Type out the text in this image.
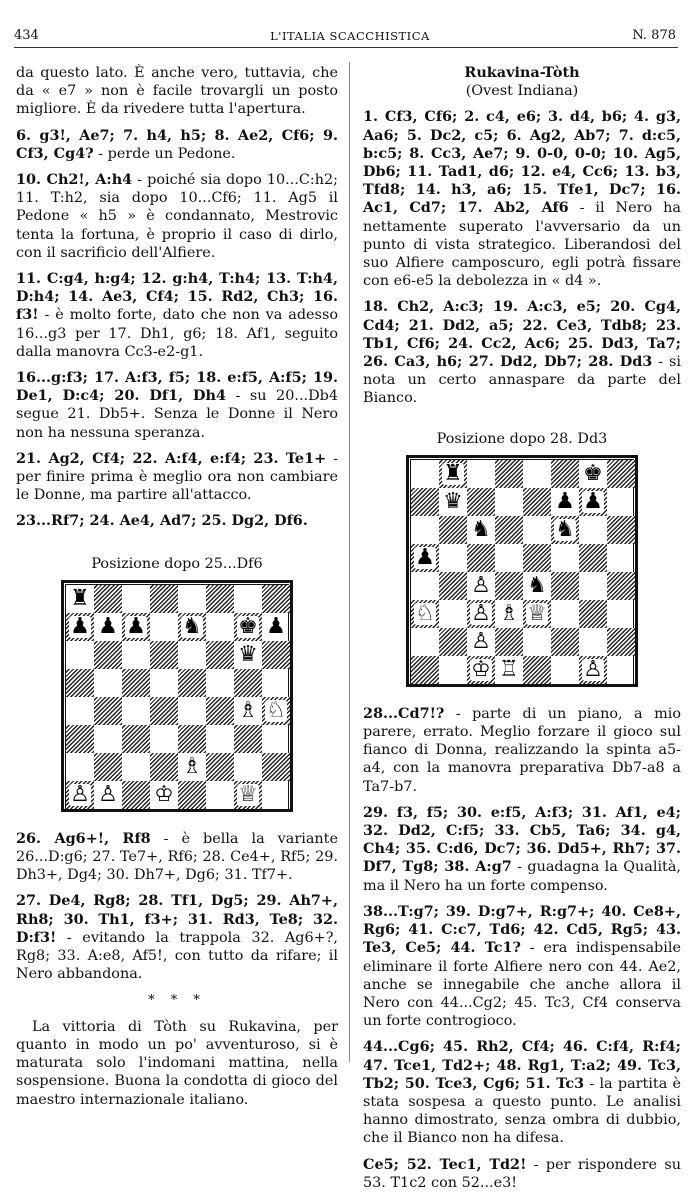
434	L'ITALIA SCACCHISTICA	N. 878

da questo lato. È anche vero, tuttavia, che da « e7 » non è facile trovargli un posto migliore. È da rivedere tutta l'apertura.

6. g3!, Ae7; 7. h4, h5; 8. Ae2, Cf6; 9. Cf3, Cg4? - perde un Pedone.

10. Ch2!, A:h4 - poiché sia dopo 10...C:h2; 11. T:h2, sia dopo 10...Cf6; 11. Ag5 il Pedone « h5 » è condannato, Mestrovic tenta la fortuna, è proprio il caso di dirlo, con il sacrificio dell'Alfiere.

11. C:g4, h:g4; 12. g:h4, T:h4; 13. T:h4, D:h4; 14. Ae3, Cf4; 15. Rd2, Ch3; 16. f3! - è molto forte, dato che non va adesso 16...g3 per 17. Dh1, g6; 18. Af1, seguito dalla manovra Cc3-e2-g1.

16...g:f3; 17. A:f3, f5; 18. e:f5, A:f5; 19. De1, D:c4; 20. Df1, Dh4 - su 20...Db4 segue 21. Db5+. Senza le Donne il Nero non ha nessuna speranza.

21. Ag2, Cf4; 22. A:f4, e:f4; 23. Te1+ - per finire prima è meglio ora non cambiare le Donne, ma partire all'attacco.

23...Rf7; 24. Ae4, Ad7; 25. Dg2, Df6.

Posizione dopo 25...Df6

♜
♟ ♟ ♟ ♞ ♚ ♟
♛
♗ ♘
♗
♙ ♙ ♔	♕

26. Ag6+!, Rf8 - è bella la variante 26...D:g6; 27. Te7+, Rf6; 28. Ce4+, Rf5; 29. Dh3+, Dg4; 30. Dh7+, Dg6; 31. Tf7+.

27. De4, Rg8; 28. Tf1, Dg5; 29. Ah7+, Rh8; 30. Th1, f3+; 31. Rd3, Te8; 32. D:f3! - evitando la trappola 32. Ag6+?, Rg8; 33. A:e8, Af5!, con tutto da rifare; il Nero abbandona.

* * *

La vittoria di Tòth su Rukavina, per quanto in modo un po' avventuroso, si è maturata solo l'indomani mattina, nella sospensione. Buona la condotta di gioco del maestro internazionale italiano.

Rukavina-Tòth

(Ovest Indiana)

1. Cf3, Cf6; 2. c4, e6; 3. d4, b6; 4. g3, Aa6; 5. Dc2, c5; 6. Ag2, Ab7; 7. d:c5, b:c5; 8. Cc3, Ae7; 9. 0-0, 0-0; 10. Ag5, Db6; 11. Tad1, d6; 12. e4, Cc6; 13. b3, Tfd8; 14. h3, a6; 15. Tfe1, Dc7; 16. Ac1, Cd7; 17. Ab2, Af6 - il Nero ha nettamente superato l'avversario da un punto di vista strategico. Liberandosi del suo Alfiere camposcuro, egli potrà fissare con e6-e5 la debolezza in « d4 ».

18. Ch2, A:c3; 19. A:c3, e5; 20. Cg4, Cd4; 21. Dd2, a5; 22. Ce3, Tdb8; 23. Tb1, Cf6; 24. Cc2, Ac6; 25. Dd3, Ta7; 26. Ca3, h6; 27. Dd2, Db7; 28. Dd3 - si nota un certo annaspare da parte del Bianco.

Posizione dopo 28. Dd3

♜	♚
♛	♟ ♟
♞	♞
♟
♙ ♞
♘ ♙ ♗ ♕
♙
♔ ♖	♙

28...Cd7!? - parte di un piano, a mio parere, errato. Meglio forzare il gioco sul fianco di Donna, realizzando la spinta a5-a4, con la manovra preparativa Db7-a8 a Ta7-b7.

29. f3, f5; 30. e:f5, A:f3; 31. Af1, e4; 32. Dd2, C:f5; 33. Cb5, Ta6; 34. g4, Ch4; 35. C:d6, Dc7; 36. Dd5+, Rh7; 37. Df7, Tg8; 38. A:g7 - guadagna la Qualità, ma il Nero ha un forte compenso.

38...T:g7; 39. D:g7+, R:g7+; 40. Ce8+, Rg6; 41. C:c7, Td6; 42. Cd5, Rg5; 43. Te3, Ce5; 44. Tc1? - era indispensabile eliminare il forte Alfiere nero con 44. Ae2, anche se innegabile che anche allora il Nero con 44...Cg2; 45. Tc3, Cf4 conserva un forte controgioco.

44...Cg6; 45. Rh2, Cf4; 46. C:f4, R:f4; 47. Tce1, Td2+; 48. Rg1, T:a2; 49. Tc3, Tb2; 50. Tce3, Cg6; 51. Tc3 - la partita è stata sospesa a questo punto. Le analisi hanno dimostrato, senza ombra di dubbio, che il Bianco non ha difesa.

Ce5; 52. Tec1, Td2! - per rispondere su 53. T1c2 con 52...e3!
